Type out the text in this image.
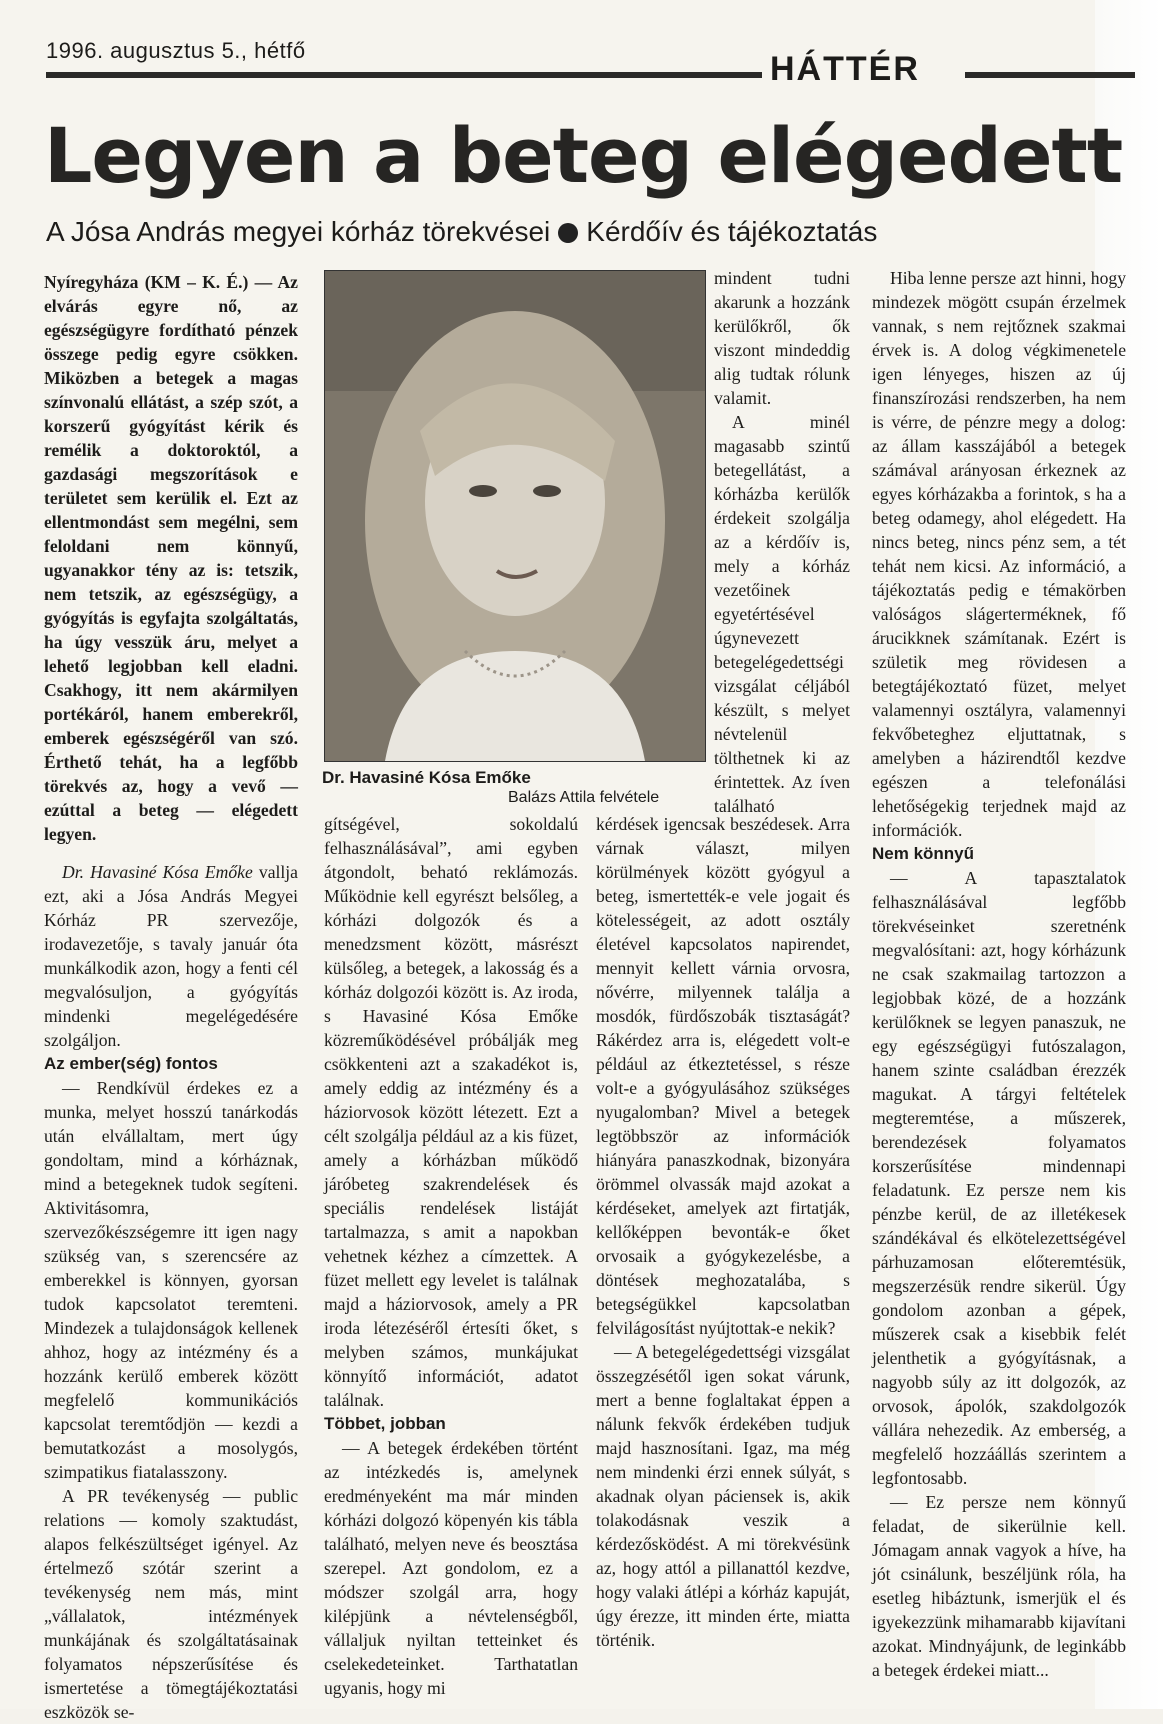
1996. augusztus 5., hétfő	HÁTTÉR
Legyen a beteg elégedett
A Jósa András megyei kórház törekvései Kérdőív és tájékoztatás
Dr. Havasiné Kósa Emőke
Balázs Attila felvétele

Nyíregyháza (KM – K. É.) — Az elvárás egyre nő, az egészségügyre fordítható pénzek összege pedig egyre csökken. Miközben a betegek a magas színvonalú ellátást, a szép szót, a korszerű gyógyítást kérik és remélik a doktoroktól, a gazdasági megszorítások e területet sem kerülik el. Ezt az ellentmondást sem megélni, sem feloldani nem könnyű, ugyanakkor tény az is: tetszik, nem tetszik, az egészségügy, a gyógyítás is egyfajta szolgáltatás, ha úgy vesszük áru, melyet a lehető legjobban kell eladni. Csakhogy, itt nem akármilyen portékáról, hanem emberekről, emberek egészségéről van szó. Érthető tehát, ha a legfőbb törekvés az, hogy a vevő — ezúttal a beteg — elégedett legyen.

Dr. Havasiné Kósa Emőke vallja ezt, aki a Jósa András Megyei Kórház PR szervezője, irodavezetője, s tavaly január óta munkálkodik azon, hogy a fenti cél megvalósuljon, a gyógyítás mindenki megelégedésére szolgáljon.

Az ember(ség) fontos

— Rendkívül érdekes ez a munka, melyet hosszú tanárkodás után elvállaltam, mert úgy gondoltam, mind a kórháznak, mind a betegeknek tudok segíteni. Aktivitásomra, szervezőkészségemre itt igen nagy szükség van, s szerencsére az emberekkel is könnyen, gyorsan tudok kapcsolatot teremteni. Mindezek a tulajdonságok kellenek ahhoz, hogy az intézmény és a hozzánk kerülő emberek között megfelelő kommunikációs kapcsolat teremtődjön — kezdi a bemutatkozást a mosolygós, szimpatikus fiatalasszony.

A PR tevékenység — public relations — komoly szaktudást, alapos felkészültséget igényel. Az értelmező szótár szerint a tevékenység nem más, mint „vállalatok, intézmények munkájának és szolgáltatásainak folyamatos népszerűsítése és ismertetése a tömegtájékoztatási eszközök se-

gítségével, sokoldalú felhasználásával”, ami egyben átgondolt, beható reklámozás. Működnie kell egyrészt belsőleg, a kórházi dolgozók és a menedzsment között, másrészt külsőleg, a betegek, a lakosság és a kórház dolgozói között is. Az iroda, s Havasiné Kósa Emőke közreműködésével próbálják meg csökkenteni azt a szakadékot is, amely eddig az intézmény és a háziorvosok között létezett. Ezt a célt szolgálja például az a kis füzet, amely a kórházban működő járóbeteg szakrendelések és speciális rendelések listáját tartalmazza, s amit a napokban vehetnek kézhez a címzettek. A füzet mellett egy levelet is találnak majd a háziorvosok, amely a PR iroda létezéséről értesíti őket, s melyben számos, munkájukat könnyítő információt, adatot találnak.

Többet, jobban

— A betegek érdekében történt az intézkedés is, amelynek eredményeként ma már minden kórházi dolgozó köpenyén kis tábla található, melyen neve és beosztása szerepel. Azt gondolom, ez a módszer szolgál arra, hogy kilépjünk a névtelenségből, vállaljuk nyiltan tetteinket és cselekedeteinket. Tarthatatlan ugyanis, hogy mi

mindent tudni akarunk a hozzánk kerülőkről, ők viszont mindeddig alig tudtak rólunk valamit.

A minél magasabb szintű betegellátást, a kórházba kerülők érdekeit szolgálja az a kérdőív is, mely a kórház vezetőinek egyetértésével úgynevezett betegelégedettségi vizsgálat céljából készült, s melyet névtelenül tölthetnek ki az érintettek. Az íven található

kérdések igencsak beszédesek. Arra várnak választ, milyen körülmények között gyógyul a beteg, ismertették-e vele jogait és kötelességeit, az adott osztály életével kapcsolatos napirendet, mennyit kellett várnia orvosra, nővérre, milyennek találja a mosdók, fürdőszobák tisztaságát? Rákérdez arra is, elégedett volt-e például az étkeztetéssel, s része volt-e a gyógyulásához szükséges nyugalomban? Mivel a betegek legtöbbször az információk hiányára panaszkodnak, bizonyára örömmel olvassák majd azokat a kérdéseket, amelyek azt firtatják, kellőképpen bevonták-e őket orvosaik a gyógykezelésbe, a döntések meghozatalába, s betegségükkel kapcsolatban felvilágosítást nyújtottak-e nekik?

— A betegelégedettségi vizsgálat összegzésétől igen sokat várunk, mert a benne foglaltakat éppen a nálunk fekvők érdekében tudjuk majd hasznosítani. Igaz, ma még nem mindenki érzi ennek súlyát, s akadnak olyan páciensek is, akik tolakodásnak veszik a kérdezősködést. A mi törekvésünk az, hogy attól a pillanattól kezdve, hogy valaki átlépi a kórház kapuját, úgy érezze, itt minden érte, miatta történik.

Hiba lenne persze azt hinni, hogy mindezek mögött csupán érzelmek vannak, s nem rejtőznek szakmai érvek is. A dolog végkimenetele igen lényeges, hiszen az új finanszírozási rendszerben, ha nem is vérre, de pénzre megy a dolog: az állam kasszájából a betegek számával arányosan érkeznek az egyes kórházakba a forintok, s ha a beteg odamegy, ahol elégedett. Ha nincs beteg, nincs pénz sem, a tét tehát nem kicsi. Az információ, a tájékoztatás pedig e témakörben valóságos slágerterméknek, fő árucikknek számítanak. Ezért is születik meg rövidesen a betegtájékoztató füzet, melyet valamennyi osztályra, valamennyi fekvőbeteghez eljuttatnak, s amelyben a házirendtől kezdve egészen a telefonálási lehetőségekig terjednek majd az információk.

Nem könnyű

— A tapasztalatok felhasználásával legfőbb törekvéseinket szeretnénk megvalósítani: azt, hogy kórházunk ne csak szakmailag tartozzon a legjobbak közé, de a hozzánk kerülőknek se legyen panaszuk, ne egy egészségügyi futószalagon, hanem szinte családban érezzék magukat. A tárgyi feltételek megteremtése, a műszerek, berendezések folyamatos korszerűsítése mindennapi feladatunk. Ez persze nem kis pénzbe kerül, de az illetékesek szándékával és elkötelezettségével párhuzamosan előteremtésük, megszerzésük rendre sikerül. Úgy gondolom azonban a gépek, műszerek csak a kisebbik felét jelenthetik a gyógyításnak, a nagyobb súly az itt dolgozók, az orvosok, ápolók, szakdolgozók vállára nehezedik. Az emberség, a megfelelő hozzáállás szerintem a legfontosabb.

— Ez persze nem könnyű feladat, de sikerülnie kell. Jómagam annak vagyok a híve, ha jót csinálunk, beszéljünk róla, ha esetleg hibáztunk, ismerjük el és igyekezzünk mihamarabb kijavítani azokat. Mindnyájunk, de leginkább a betegek érdekei miatt...
